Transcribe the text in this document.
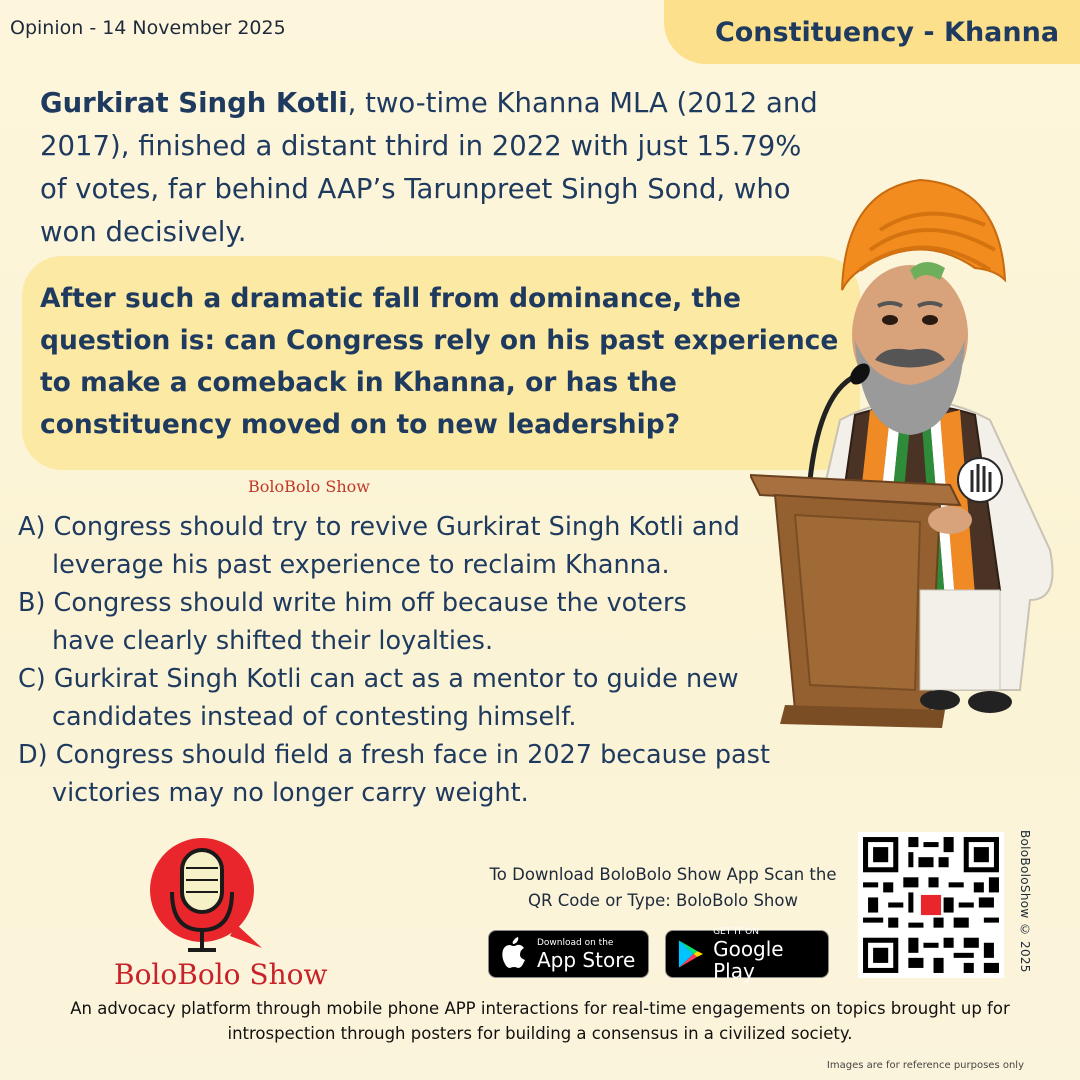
Opinion - 14 November 2025	Constituency - Khanna
Gurkirat Singh Kotli, two-time Khanna MLA (2012 and 2017), finished a distant third in 2022 with just 15.79% of votes, far behind AAP’s Tarunpreet Singh Sond, who won decisively.
After such a dramatic fall from dominance, the question is: can Congress rely on his past experience to make a comeback in Khanna, or has the constituency moved on to new leadership?
BoloBolo Show
A) Congress should try to revive Gurkirat Singh Kotli and
leverage his past experience to reclaim Khanna.
B) Congress should write him off because the voters
have clearly shifted their loyalties.
C) Gurkirat Singh Kotli can act as a mentor to guide new
candidates instead of contesting himself.
D) Congress should field a fresh face in 2027 because past
victories may no longer carry weight.
BoloBolo Show
To Download BoloBolo Show App Scan the QR Code or Type: BoloBolo Show
Download on the
App Store
GET IT ON
Google Play	BoloBoloShow © 2025
An advocacy platform through mobile phone APP interactions for real-time engagements on topics brought up for introspection through posters for building a consensus in a civilized society.
Images are for reference purposes only
